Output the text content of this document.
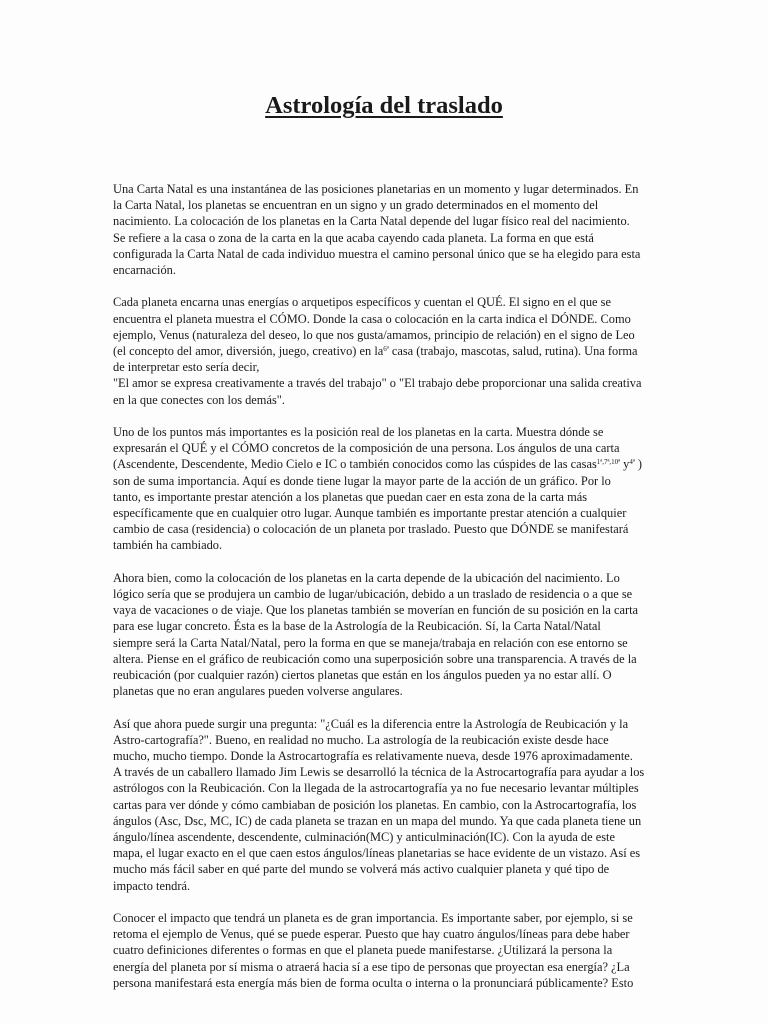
Astrología del traslado
Una Carta Natal es una instantánea de las posiciones planetarias en un momento y lugar determinados. En
la Carta Natal, los planetas se encuentran en un signo y un grado determinados en el momento del
nacimiento. La colocación de los planetas en la Carta Natal depende del lugar físico real del nacimiento.
Se refiere a la casa o zona de la carta en la que acaba cayendo cada planeta. La forma en que está
configurada la Carta Natal de cada individuo muestra el camino personal único que se ha elegido para esta
encarnación.
Cada planeta encarna unas energías o arquetipos específicos y cuentan el QUÉ. El signo en el que se
encuentra el planeta muestra el CÓMO. Donde la casa o colocación en la carta indica el DÓNDE. Como
ejemplo, Venus (naturaleza del deseo, lo que nos gusta/amamos, principio de relación) en el signo de Leo
(el concepto del amor, diversión, juego, creativo) en $la^{6ª}$ casa (trabajo, mascotas, salud, rutina). Una forma
de interpretar esto sería decir,
"El amor se expresa creativamente a través del trabajo" o "El trabajo debe proporcionar una salida creativa
en la que conectes con los demás".
Uno de los puntos más importantes es la posición real de los planetas en la carta. Muestra dónde se
expresarán el QUÉ y el CÓMO concretos de la composición de una persona. Los ángulos de una carta
(Ascendente, Descendente, Medio Cielo e IC o también conocidos como las cúspides de las casas$^{1ª,7ª,10ª}$ $y^{4ª}$ )
son de suma importancia. Aquí es donde tiene lugar la mayor parte de la acción de un gráfico. Por lo
tanto, es importante prestar atención a los planetas que puedan caer en esta zona de la carta más
específicamente que en cualquier otro lugar. Aunque también es importante prestar atención a cualquier
cambio de casa (residencia) o colocación de un planeta por traslado. Puesto que DÓNDE se manifestará
también ha cambiado.
Ahora bien, como la colocación de los planetas en la carta depende de la ubicación del nacimiento. Lo
lógico sería que se produjera un cambio de lugar/ubicación, debido a un traslado de residencia o a que se
vaya de vacaciones o de viaje. Que los planetas también se moverían en función de su posición en la carta
para ese lugar concreto. Ésta es la base de la Astrología de la Reubicación. Sí, la Carta Natal/Natal
siempre será la Carta Natal/Natal, pero la forma en que se maneja/trabaja en relación con ese entorno se
altera. Piense en el gráfico de reubicación como una superposición sobre una transparencia. A través de la
reubicación (por cualquier razón) ciertos planetas que están en los ángulos pueden ya no estar allí. O
planetas que no eran angulares pueden volverse angulares.
Así que ahora puede surgir una pregunta: "¿Cuál es la diferencia entre la Astrología de Reubicación y la
Astro-cartografía?". Bueno, en realidad no mucho. La astrología de la reubicación existe desde hace
mucho, mucho tiempo. Donde la Astrocartografía es relativamente nueva, desde 1976 aproximadamente.
A través de un caballero llamado Jim Lewis se desarrolló la técnica de la Astrocartografía para ayudar a los
astrólogos con la Reubicación. Con la llegada de la astrocartografía ya no fue necesario levantar múltiples
cartas para ver dónde y cómo cambiaban de posición los planetas. En cambio, con la Astrocartografía, los
ángulos (Asc, Dsc, MC, IC) de cada planeta se trazan en un mapa del mundo. Ya que cada planeta tiene un
ángulo/línea ascendente, descendente, culminación(MC) y anticulminación(IC). Con la ayuda de este
mapa, el lugar exacto en el que caen estos ángulos/líneas planetarias se hace evidente de un vistazo. Así es
mucho más fácil saber en qué parte del mundo se volverá más activo cualquier planeta y qué tipo de
impacto tendrá.
Conocer el impacto que tendrá un planeta es de gran importancia. Es importante saber, por ejemplo, si se
retoma el ejemplo de Venus, qué se puede esperar. Puesto que hay cuatro ángulos/líneas para debe haber
cuatro definiciones diferentes o formas en que el planeta puede manifestarse. ¿Utilizará la persona la
energía del planeta por sí misma o atraerá hacia sí a ese tipo de personas que proyectan esa energía? ¿La
persona manifestará esta energía más bien de forma oculta o interna o la pronunciará públicamente? Esto
